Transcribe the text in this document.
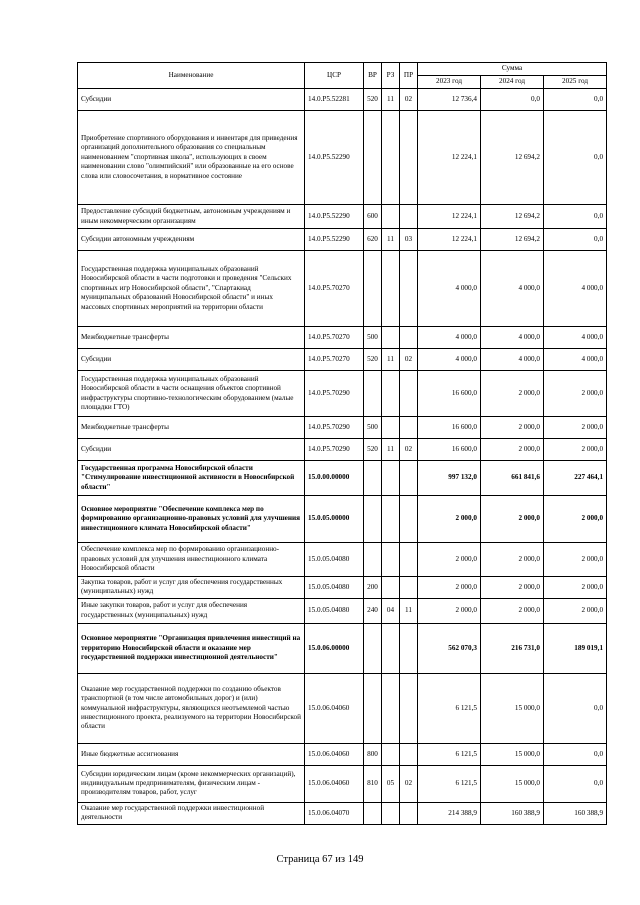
Наименование	ЦСР	ВР	РЗ	ПР	Сумма		
					2023 год	2024 год	2025 год
Субсидии	14.0.P5.52281	520	11	02	12 736,4	0,0	0,0
Приобретение спортивного оборудования и инвентаря для приведения организаций дополнительного образования со специальным наименованием "спортивная школа", использующих в своем наименовании слово "олимпийский" или образованные на его основе слова или словосочетания, в нормативное состояние	14.0.P5.52290				12 224,1	12 694,2	0,0
Предоставление субсидий бюджетным, автономным учреждениям и иным некоммерческим организациям	14.0.P5.52290	600			12 224,1	12 694,2	0,0
Субсидии автономным учреждениям	14.0.P5.52290	620	11	03	12 224,1	12 694,2	0,0
Государственная поддержка муниципальных образований Новосибирской области в части подготовки и проведения "Сельских спортивных игр Новосибирской области", "Спартакиад муниципальных образований Новосибирской области" и иных массовых спортивных мероприятий на территории области	14.0.P5.70270				4 000,0	4 000,0	4 000,0
Межбюджетные трансферты	14.0.P5.70270	500			4 000,0	4 000,0	4 000,0
Субсидии	14.0.P5.70270	520	11	02	4 000,0	4 000,0	4 000,0
Государственная поддержка муниципальных образований Новосибирской области в части оснащения объектов спортивной инфраструктуры спортивно-технологическим оборудованием (малые площадки ГТО)	14.0.P5.70290				16 600,0	2 000,0	2 000,0
Межбюджетные трансферты	14.0.P5.70290	500			16 600,0	2 000,0	2 000,0
Субсидии	14.0.P5.70290	520	11	02	16 600,0	2 000,0	2 000,0
Государственная программа Новосибирской области "Стимулирование инвестиционной активности в Новосибирской области"	15.0.00.00000				997 132,0	661 841,6	227 464,1
Основное мероприятие "Обеспечение комплекса мер по формированию организационно-правовых условий для улучшения инвестиционного климата Новосибирской области"	15.0.05.00000				2 000,0	2 000,0	2 000,0
Обеспечение комплекса мер по формированию организационно-правовых условий для улучшения инвестиционного климата Новосибирской области	15.0.05.04080				2 000,0	2 000,0	2 000,0
Закупка товаров, работ и услуг для обеспечения государственных (муниципальных) нужд	15.0.05.04080	200			2 000,0	2 000,0	2 000,0
Иные закупки товаров, работ и услуг для обеспечения государственных (муниципальных) нужд	15.0.05.04080	240	04	11	2 000,0	2 000,0	2 000,0
Основное мероприятие "Организация привлечения инвестиций на территорию Новосибирской области и оказание мер государственной поддержки инвестиционной деятельности"	15.0.06.00000				562 070,3	216 731,0	189 019,1
Оказание мер государственной поддержки по созданию объектов транспортной (в том числе автомобильных дорог) и (или) коммунальной инфраструктуры, являющихся неотъемлемой частью инвестиционного проекта, реализуемого на территории Новосибирской области	15.0.06.04060				6 121,5	15 000,0	0,0
Иные бюджетные ассигнования	15.0.06.04060	800			6 121,5	15 000,0	0,0
Субсидии юридическим лицам (кроме некоммерческих организаций), индивидуальным предпринимателям, физическим лицам - производителям товаров, работ, услуг	15.0.06.04060	810	05	02	6 121,5	15 000,0	0,0
Оказание мер государственной поддержки инвестиционной деятельности	15.0.06.04070				214 388,9	160 388,9	160 388,9
Страница 67 из 149
